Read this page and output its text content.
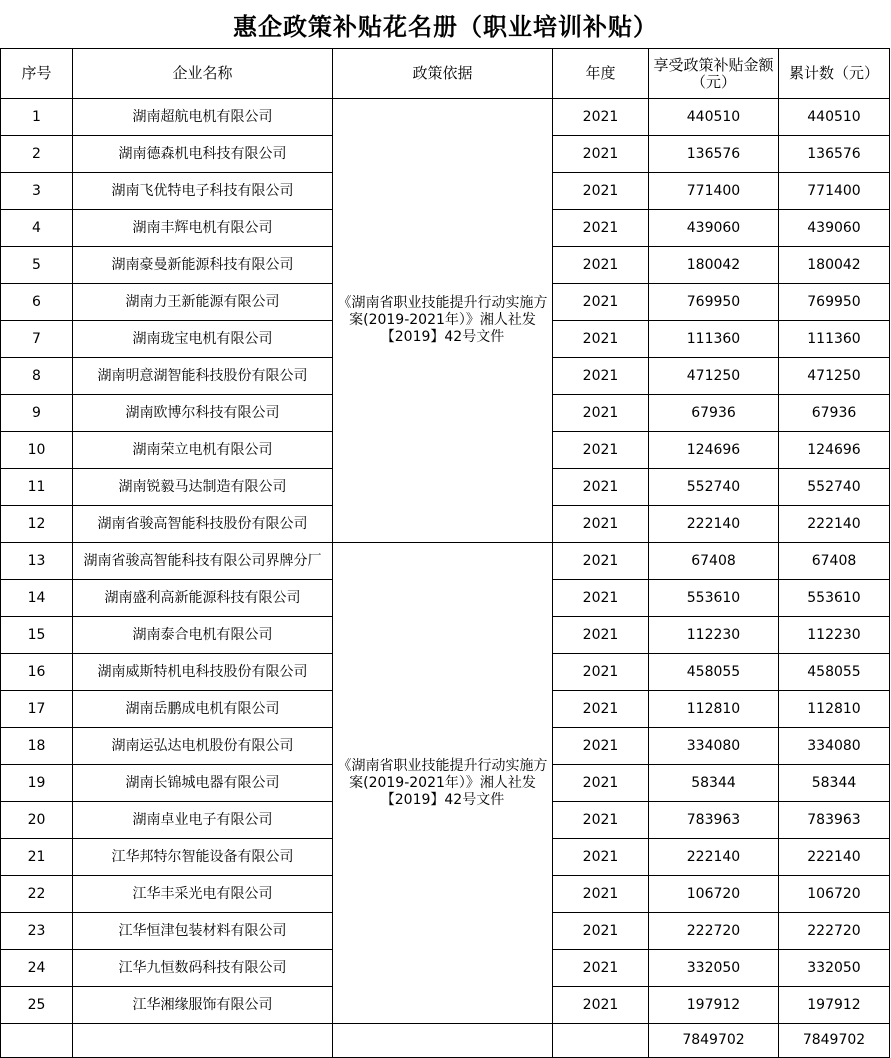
惠企政策补贴花名册（职业培训补贴）
序号	企业名称	政策依据	年度	享受政策补贴金额（元）	累计数（元）
1	湖南超航电机有限公司	《湖南省职业技能提升行动实施方案(2019-2021年）》湘人社发【2019】42号文件	2021	440510	440510
2	湖南德森机电科技有限公司		2021	136576	136576
3	湖南飞优特电子科技有限公司		2021	771400	771400
4	湖南丰辉电机有限公司		2021	439060	439060
5	湖南豪曼新能源科技有限公司		2021	180042	180042
6	湖南力王新能源有限公司		2021	769950	769950
7	湖南珑宝电机有限公司		2021	111360	111360
8	湖南明意湖智能科技股份有限公司		2021	471250	471250
9	湖南欧博尔科技有限公司		2021	67936	67936
10	湖南荣立电机有限公司		2021	124696	124696
11	湖南锐毅马达制造有限公司		2021	552740	552740
12	湖南省骏高智能科技股份有限公司		2021	222140	222140
13	湖南省骏高智能科技有限公司界牌分厂	《湖南省职业技能提升行动实施方案(2019-2021年）》湘人社发【2019】42号文件	2021	67408	67408
14	湖南盛利高新能源科技有限公司		2021	553610	553610
15	湖南泰合电机有限公司		2021	112230	112230
16	湖南威斯特机电科技股份有限公司		2021	458055	458055
17	湖南岳鹏成电机有限公司		2021	112810	112810
18	湖南运弘达电机股份有限公司		2021	334080	334080
19	湖南长锦城电器有限公司		2021	58344	58344
20	湖南卓业电子有限公司		2021	783963	783963
21	江华邦特尔智能设备有限公司		2021	222140	222140
22	江华丰采光电有限公司		2021	106720	106720
23	江华恒津包装材料有限公司		2021	222720	222720
24	江华九恒数码科技有限公司		2021	332050	332050
25	江华湘缘服饰有限公司		2021	197912	197912
				7849702	7849702
